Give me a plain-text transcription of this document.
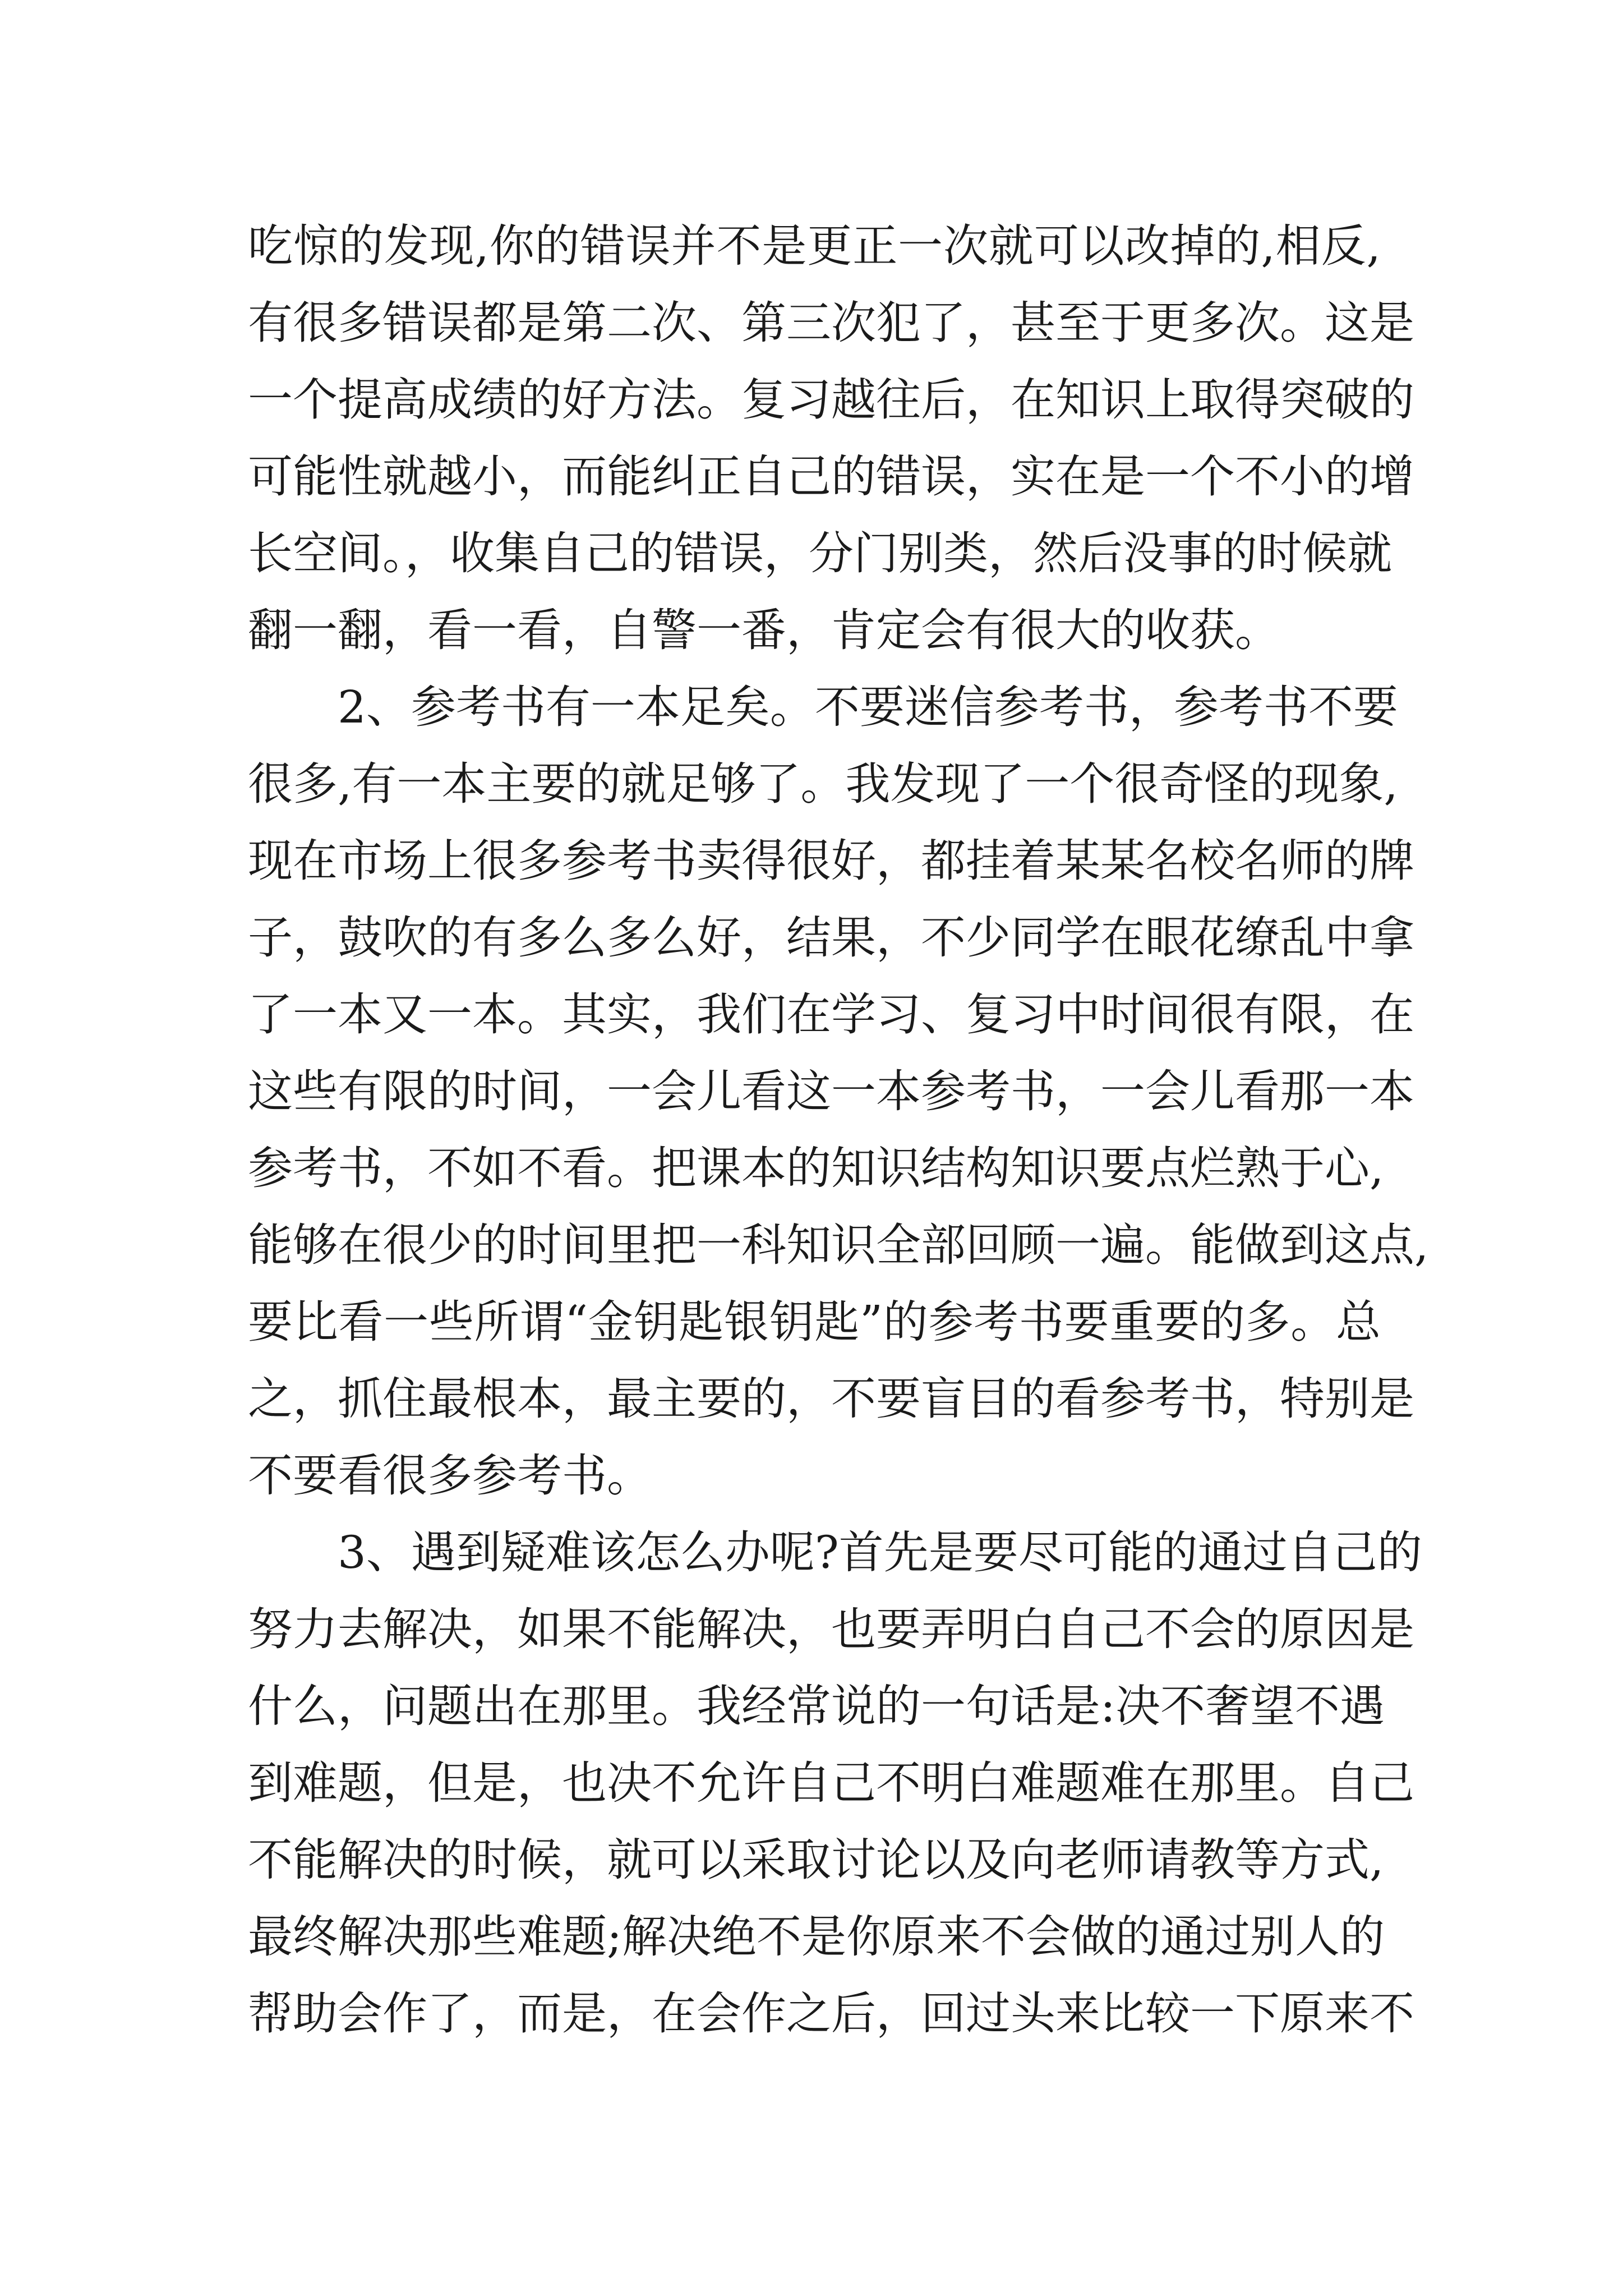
吃惊的发现,你的错误并不是更正一次就可以改掉的,相反,
有很多错误都是第二次、第三次犯了，甚至于更多次。这是
一个提高成绩的好方法。复习越往后，在知识上取得突破的
可能性就越小，而能纠正自己的错误，实在是一个不小的增
长空间。，收集自己的错误，分门别类，然后没事的时候就
翻一翻，看一看，自警一番，肯定会有很大的收获。
2、参考书有一本足矣。不要迷信参考书，参考书不要
很多,有一本主要的就足够了。我发现了一个很奇怪的现象,
现在市场上很多参考书卖得很好，都挂着某某名校名师的牌
子，鼓吹的有多么多么好，结果，不少同学在眼花缭乱中拿
了一本又一本。其实，我们在学习、复习中时间很有限，在
这些有限的时间，一会儿看这一本参考书，一会儿看那一本
参考书，不如不看。把课本的知识结构知识要点烂熟于心,
能够在很少的时间里把一科知识全部回顾一遍。能做到这点,
要比看一些所谓“金钥匙银钥匙”的参考书要重要的多。总
之，抓住最根本，最主要的，不要盲目的看参考书，特别是
不要看很多参考书。
3、遇到疑难该怎么办呢?首先是要尽可能的通过自己的
努力去解决，如果不能解决，也要弄明白自己不会的原因是
什么，问题出在那里。我经常说的一句话是:决不奢望不遇
到难题，但是，也决不允许自己不明白难题难在那里。自己
不能解决的时候，就可以采取讨论以及向老师请教等方式,
最终解决那些难题;解决绝不是你原来不会做的通过别人的
帮助会作了，而是，在会作之后，回过头来比较一下原来不
